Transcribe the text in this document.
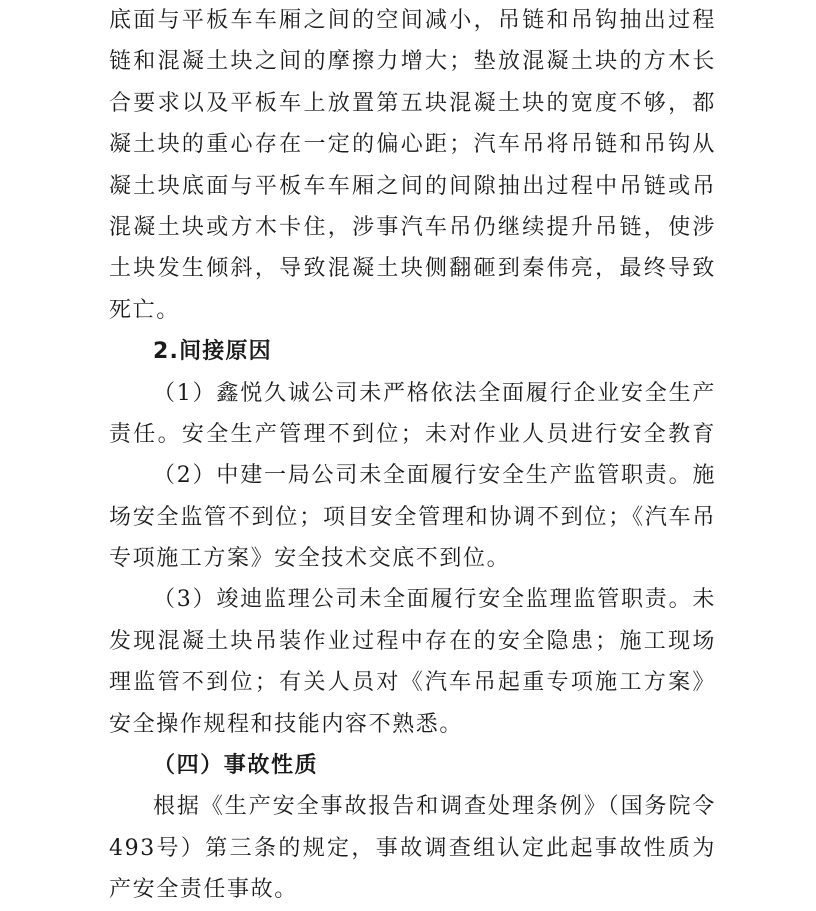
底面与平板车车厢之间的空间减小，吊链和吊钩抽出过程
链和混凝土块之间的摩擦力增大；垫放混凝土块的方木长
合要求以及平板车上放置第五块混凝土块的宽度不够，都
凝土块的重心存在一定的偏心距；汽车吊将吊链和吊钩从
凝土块底面与平板车车厢之间的间隙抽出过程中吊链或吊
混凝土块或方木卡住，涉事汽车吊仍继续提升吊链，使涉
土块发生倾斜，导致混凝土块侧翻砸到秦伟亮，最终导致
死亡。
2.间接原因
（1）鑫悦久诚公司未严格依法全面履行企业安全生产
责任。安全生产管理不到位；未对作业人员进行安全教育
（2）中建一局公司未全面履行安全生产监管职责。施
场安全监管不到位；项目安全管理和协调不到位；《汽车吊
专项施工方案》安全技术交底不到位。
（3）竣迪监理公司未全面履行安全监理监管职责。未
发现混凝土块吊装作业过程中存在的安全隐患；施工现场
理监管不到位；有关人员对《汽车吊起重专项施工方案》
安全操作规程和技能内容不熟悉。
（四）事故性质
根据《生产安全事故报告和调查处理条例》（国务院令
493号）第三条的规定，事故调查组认定此起事故性质为
产安全责任事故。
